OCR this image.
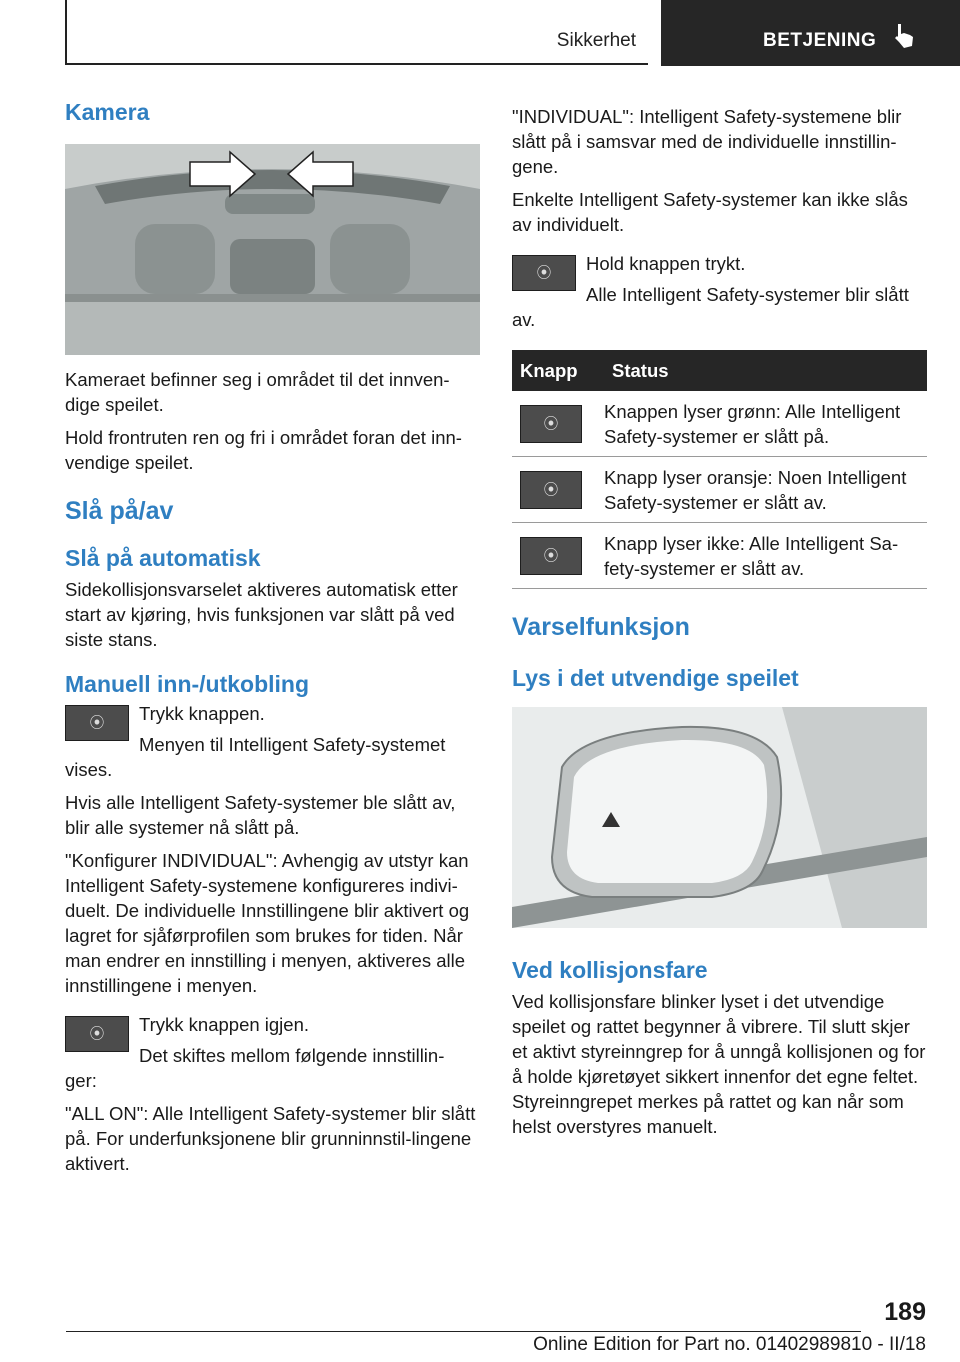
Sikkerhet	BETJENING
Kamera

Kameraet befinner seg i området til det innven‐dige speilet.

Hold frontruten ren og fri i området foran det inn‐vendige speilet.

Slå på/av
Slå på automatisk

Sidekollisjonsvarselet aktiveres automatisk etter start av kjøring, hvis funksjonen var slått på ved siste stans.

Manuell inn-/utkobling
⦿ Trykk knappen.

Menyen til Intelligent Safety-systemet

vises.

Hvis alle Intelligent Safety-systemer ble slått av, blir alle systemer nå slått på.

"Konfigurer INDIVIDUAL": Avhengig av utstyr kan Intelligent Safety-systemene konfigureres indivi‐duelt. De individuelle Innstillingene blir aktivert og lagret for sjåførprofilen som brukes for tiden. Når man endrer en innstilling i menyen, aktiveres alle innstillingene i menyen.

⦿ Trykk knappen igjen.

Det skiftes mellom følgende innstillin‐

ger:

"ALL ON": Alle Intelligent Safety-systemer blir slått på. For underfunksjonene blir grunninnstil‐lingene aktivert.

"INDIVIDUAL": Intelligent Safety-systemene blir slått på i samsvar med de individuelle innstillin‐gene.

Enkelte Intelligent Safety-systemer kan ikke slås av individuelt.

⦿ Hold knappen trykt.

Alle Intelligent Safety-systemer blir slått

av.

Knapp	Status

⦿	Knappen lyser grønn: Alle Intelligent Safety-systemer er slått på.

⦿	Knapp lyser oransje: Noen Intelligent Safety-systemer er slått av.

⦿	Knapp lyser ikke: Alle Intelligent Sa‐fety-systemer er slått av.
Varselfunksjon
Lys i det utvendige speilet
Ved kollisjonsfare

Ved kollisjonsfare blinker lyset i det utvendige speilet og rattet begynner å vibrere. Til slutt skjer et aktivt styreinngrep for å unngå kollisjonen og for å holde kjøretøyet sikkert innenfor det egne feltet. Styreinngrepet merkes på rattet og kan når som helst overstyres manuelt.

189
Online Edition for Part no. 01402989810 - II/18
